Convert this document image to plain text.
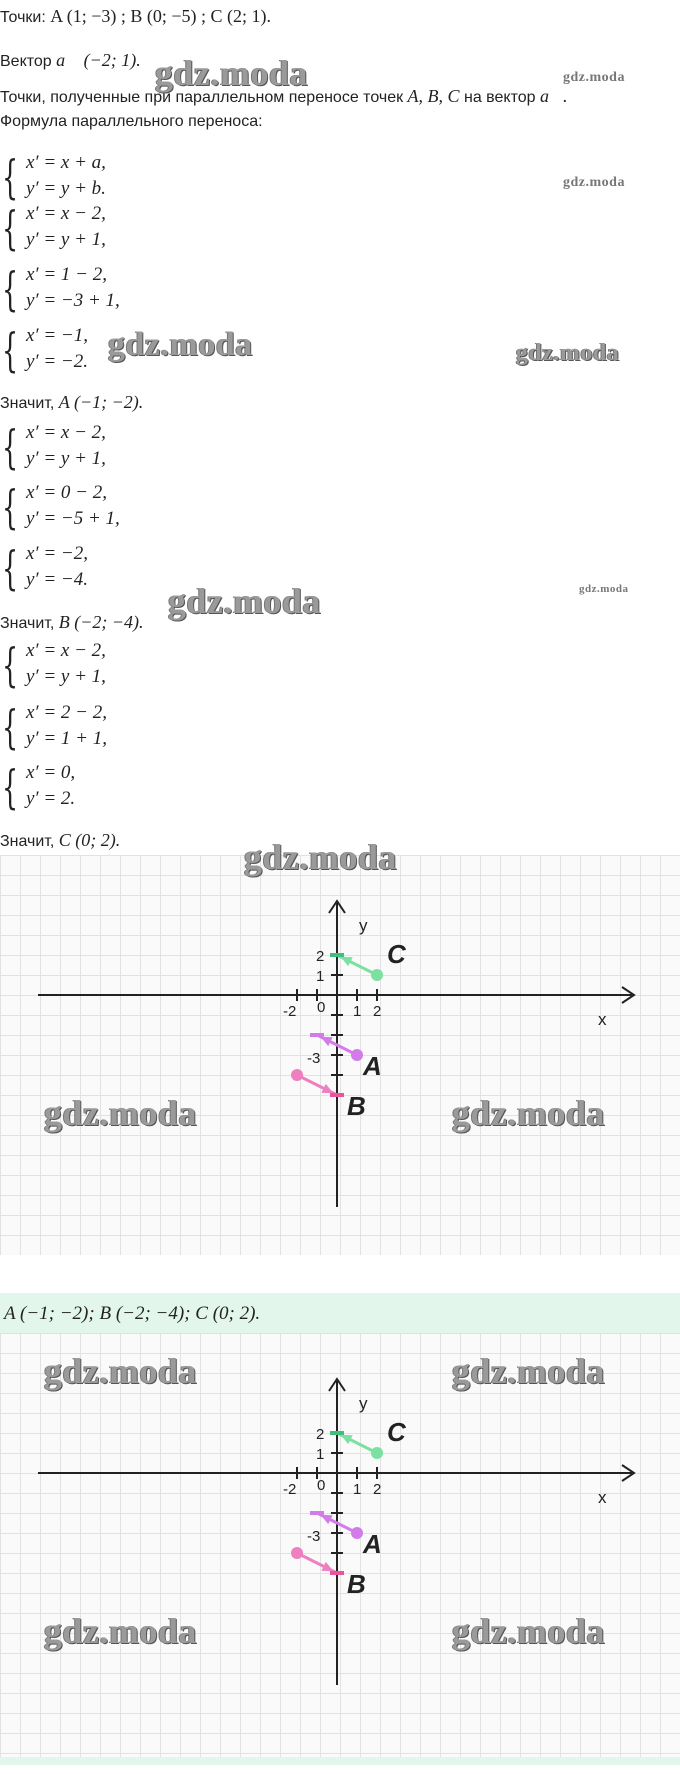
Точки: A (1; −3) ; B (0; −5) ; C (2; 1).
Вектор a⃗ (−2; 1).
Точки, полученные при параллельном переносе точек A, B, C на вектор a⃗.
Формула параллельного переноса:
{ x′ = x + a,
y′ = y + b.
{ x′ = x − 2,
y′ = y + 1,
{ x′ = 1 − 2,
y′ = −3 + 1,
{ x′ = −1,
y′ = −2.
Значит, A (−1; −2).
{ x′ = x − 2,
y′ = y + 1,
{ x′ = 0 − 2,
y′ = −5 + 1,
{ x′ = −2,
y′ = −4.
Значит, B (−2; −4).
{ x′ = x − 2,
y′ = y + 1,
{ x′ = 2 − 2,
y′ = 1 + 1,
{ x′ = 0,
y′ = 2.
Значит, C (0; 2).
-2 0 1 2
2
1
-3
x
y
C
A
B
A (−1; −2); B (−2; −4); C (0; 2).
-2 0 1 2
2
1
-3
x
y
C
A
B
gdz.moda	gdz.moda
gdz.moda
gdz.moda	gdz.moda
gdz.moda
gdz.moda
gdz.moda
gdz.moda	gdz.moda
gdz.moda	gdz.moda
gdz.moda	gdz.moda
